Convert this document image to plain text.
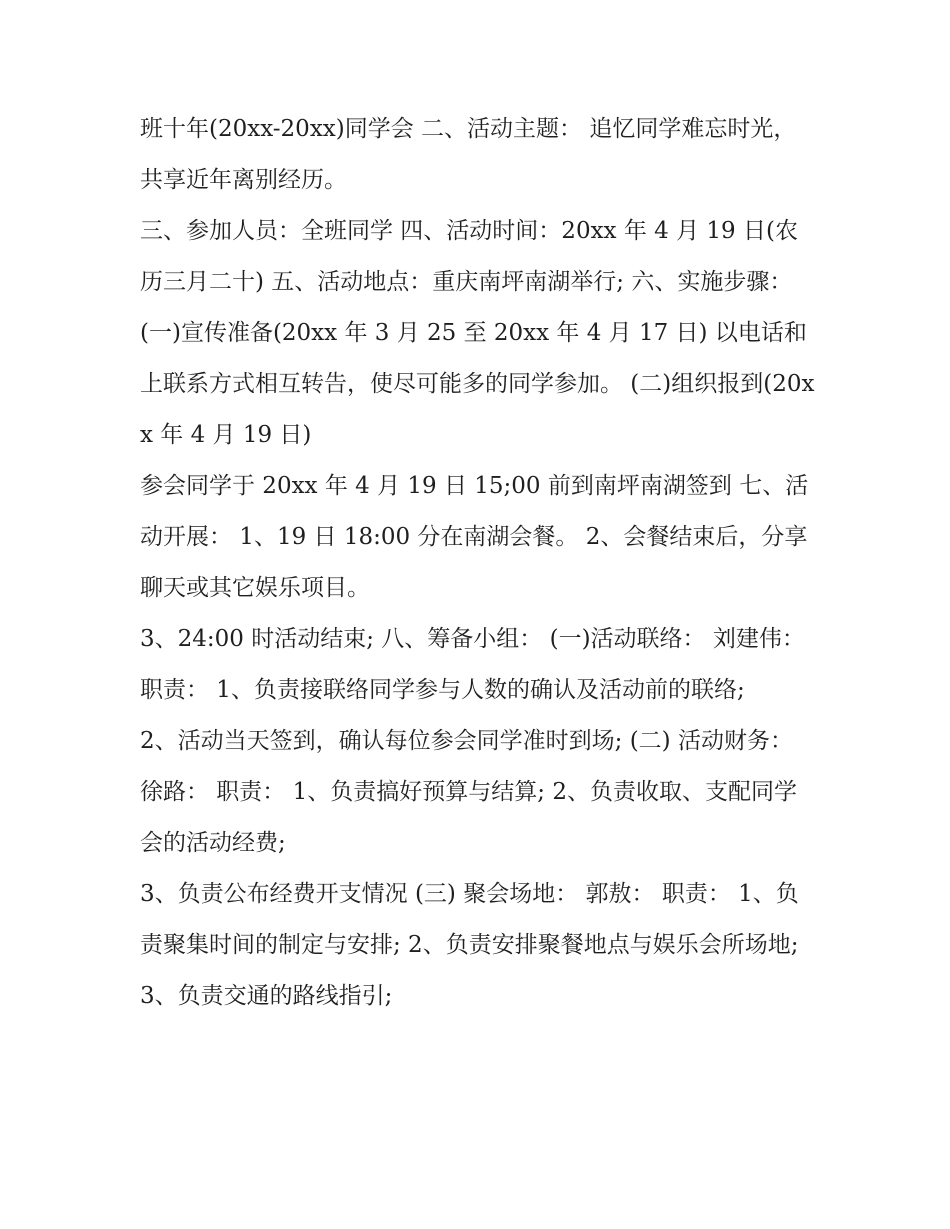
班十年(20xx-20xx)同学会 二、活动主题： 追忆同学难忘时光，共享近年离别经历。

三、参加人员：全班同学 四、活动时间：20xx 年 4 月 19 日(农历三月二十) 五、活动地点：重庆南坪南湖举行; 六、实施步骤：

(一)宣传准备(20xx 年 3 月 25 至 20xx 年 4 月 17 日) 以电话和上联系方式相互转告，使尽可能多的同学参加。 (二)组织报到(20xx 年 4 月 19 日)

参会同学于 20xx 年 4 月 19 日 15;00 前到南坪南湖签到 七、活动开展： 1、19 日 18:00 分在南湖会餐。 2、会餐结束后，分享聊天或其它娱乐项目。

3、24:00 时活动结束; 八、筹备小组： (一)活动联络： 刘建伟： 职责： 1、负责接联络同学参与人数的确认及活动前的联络;

2、活动当天签到，确认每位参会同学准时到场; (二) 活动财务： 徐路： 职责： 1、负责搞好预算与结算; 2、负责收取、支配同学会的活动经费;

3、负责公布经费开支情况 (三) 聚会场地： 郭敖： 职责： 1、负责聚集时间的制定与安排; 2、负责安排聚餐地点与娱乐会所场地; 3、负责交通的路线指引;
